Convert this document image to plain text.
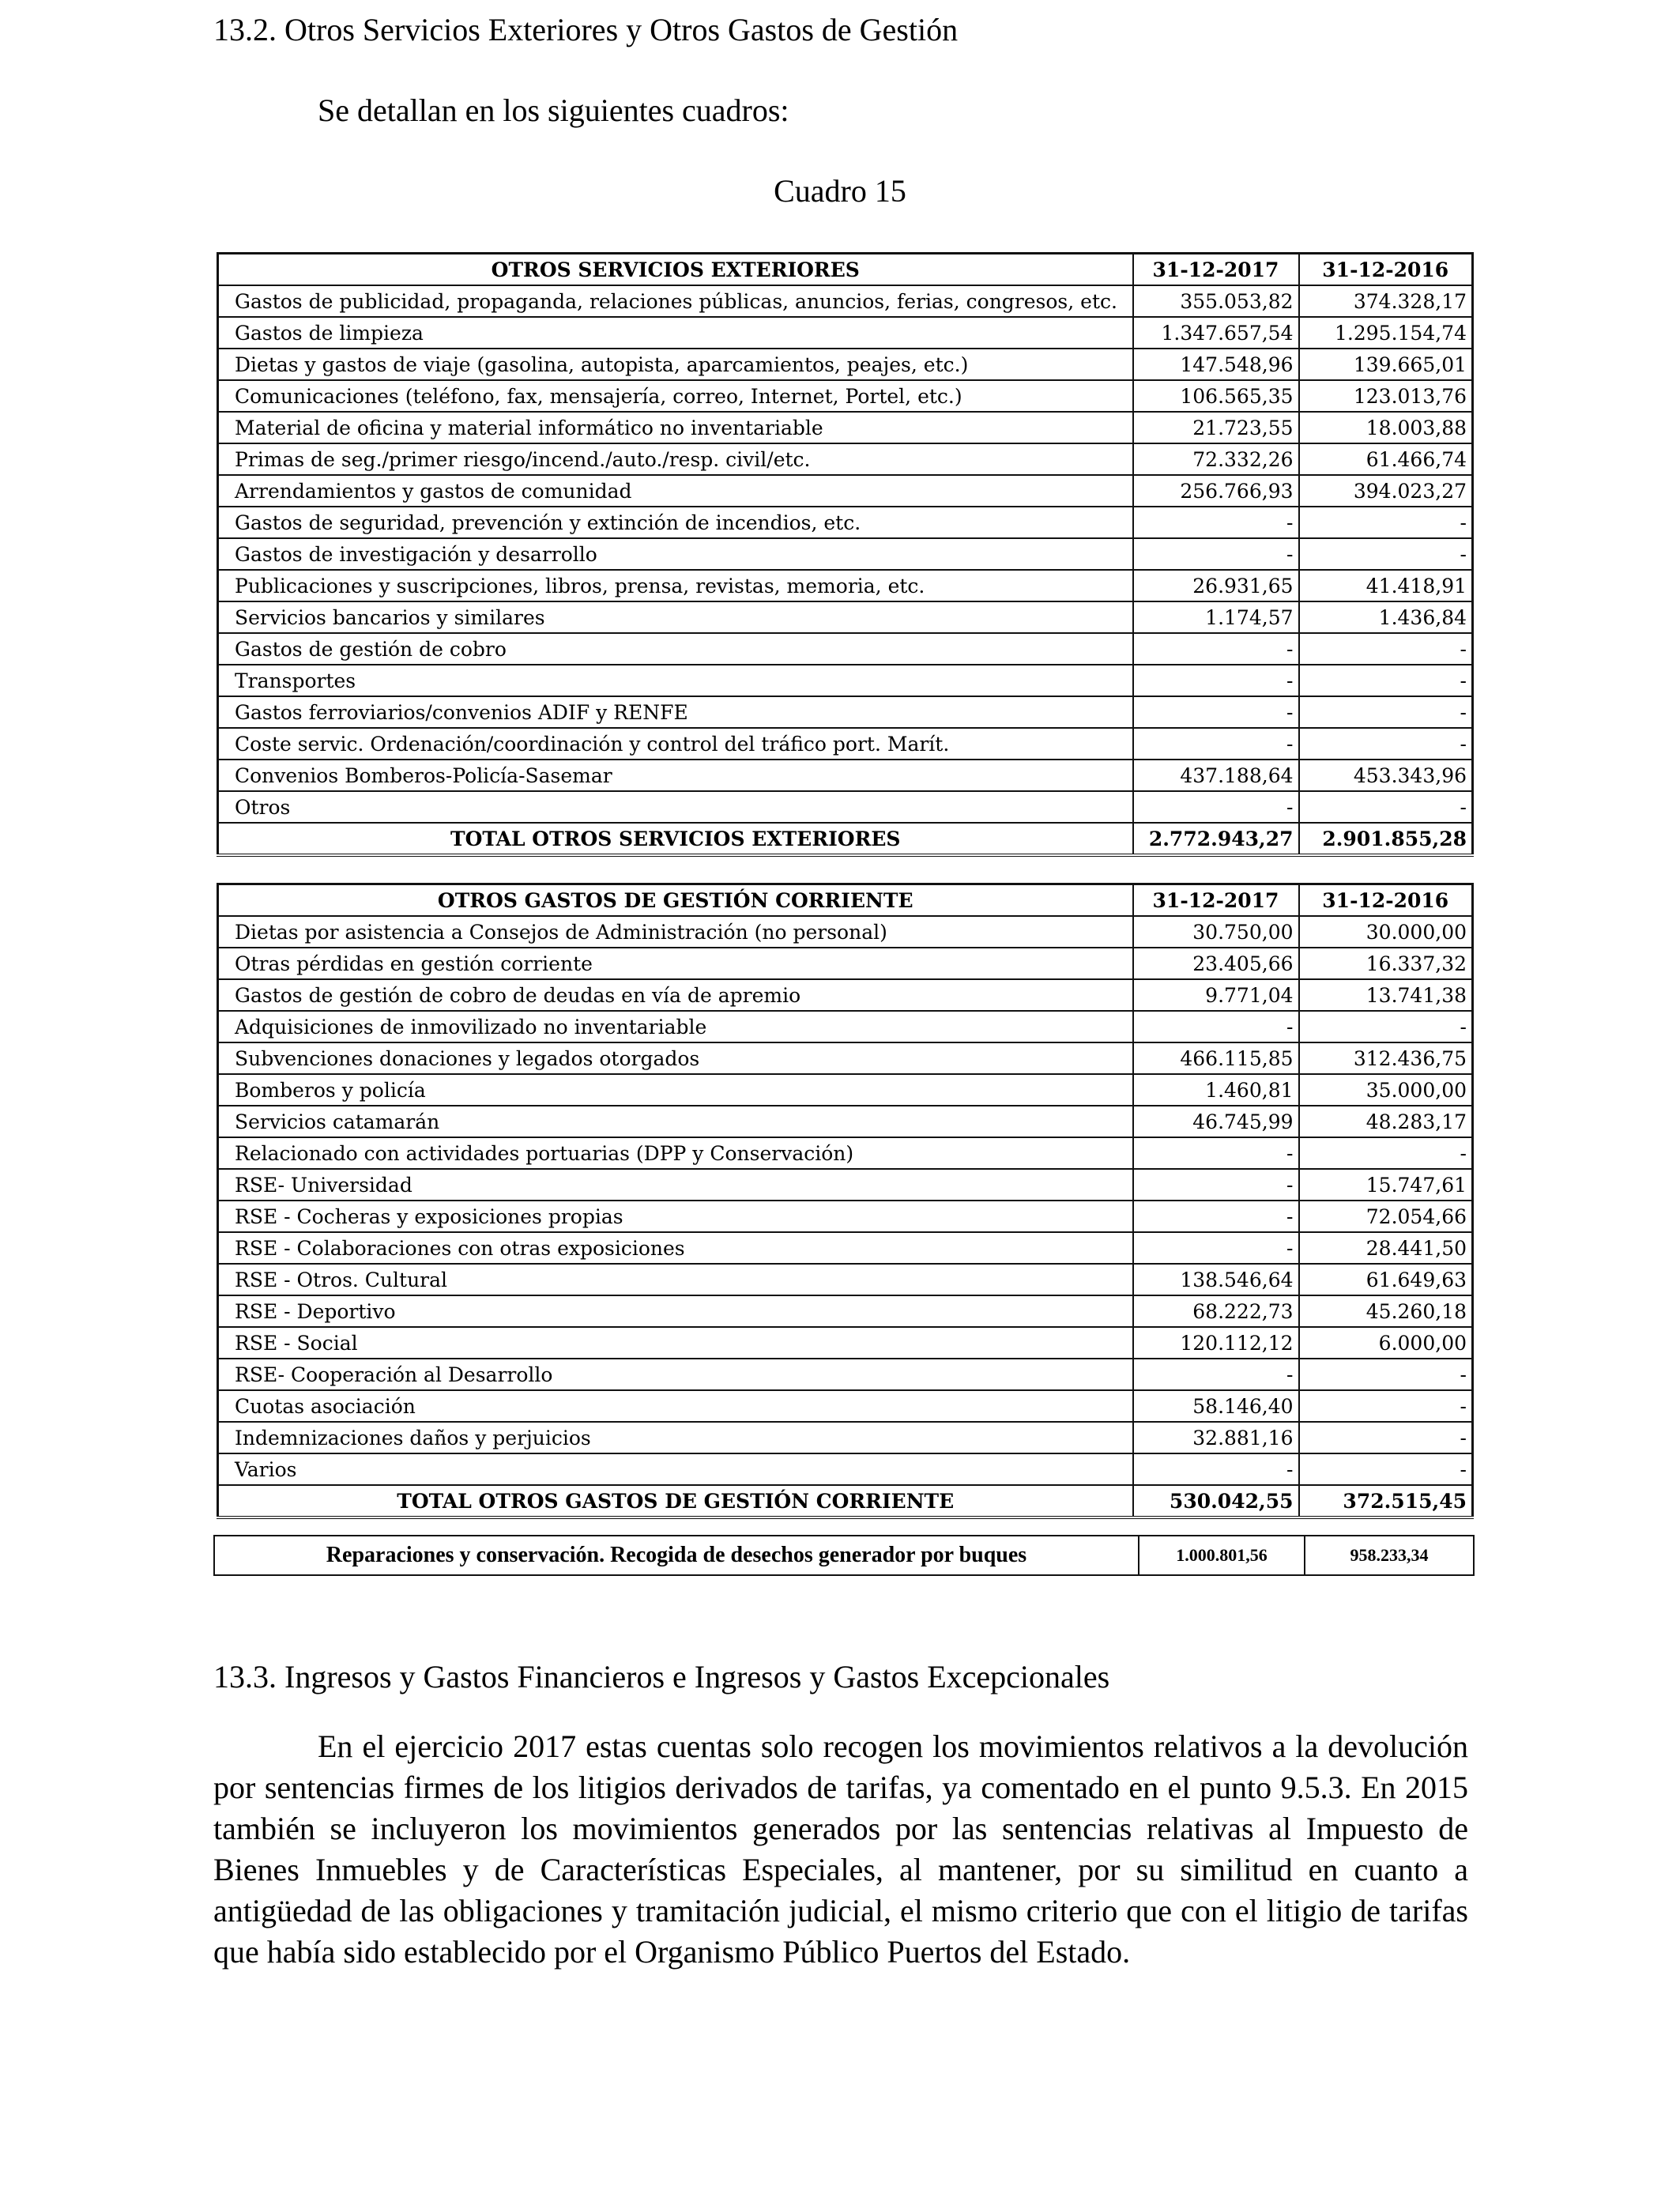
13.2. Otros Servicios Exteriores y Otros Gastos de Gestión
Se detallan en los siguientes cuadros:
Cuadro 15
OTROS SERVICIOS EXTERIORES	31-12-2017	31-12-2016
Gastos de publicidad, propaganda, relaciones públicas, anuncios, ferias, congresos, etc.	355.053,82	374.328,17
Gastos de limpieza	1.347.657,54	1.295.154,74
Dietas y gastos de viaje (gasolina, autopista, aparcamientos, peajes, etc.)	147.548,96	139.665,01
Comunicaciones (teléfono, fax, mensajería, correo, Internet, Portel, etc.)	106.565,35	123.013,76
Material de oficina y material informático no inventariable	21.723,55	18.003,88
Primas de seg./primer riesgo/incend./auto./resp. civil/etc.	72.332,26	61.466,74
Arrendamientos y gastos de comunidad	256.766,93	394.023,27
Gastos de seguridad, prevención y extinción de incendios, etc.	-	-
Gastos de investigación y desarrollo	-	-
Publicaciones y suscripciones, libros, prensa, revistas, memoria, etc.	26.931,65	41.418,91
Servicios bancarios y similares	1.174,57	1.436,84
Gastos de gestión de cobro	-	-
Transportes	-	-
Gastos ferroviarios/convenios ADIF y RENFE	-	-
Coste servic. Ordenación/coordinación y control del tráfico port. Marít.	-	-
Convenios Bomberos-Policía-Sasemar	437.188,64	453.343,96
Otros	-	-
TOTAL OTROS SERVICIOS EXTERIORES	2.772.943,27	2.901.855,28
OTROS GASTOS DE GESTIÓN CORRIENTE	31-12-2017	31-12-2016
Dietas por asistencia a Consejos de Administración (no personal)	30.750,00	30.000,00
Otras pérdidas en gestión corriente	23.405,66	16.337,32
Gastos de gestión de cobro de deudas en vía de apremio	9.771,04	13.741,38
Adquisiciones de inmovilizado no inventariable	-	-
Subvenciones donaciones y legados otorgados	466.115,85	312.436,75
Bomberos y policía	1.460,81	35.000,00
Servicios catamarán	46.745,99	48.283,17
Relacionado con actividades portuarias (DPP y Conservación)	-	-
RSE- Universidad	-	15.747,61
RSE - Cocheras y exposiciones propias	-	72.054,66
RSE - Colaboraciones con otras exposiciones	-	28.441,50
RSE - Otros. Cultural	138.546,64	61.649,63
RSE - Deportivo	68.222,73	45.260,18
RSE - Social	120.112,12	6.000,00
RSE- Cooperación al Desarrollo	-	-
Cuotas asociación	58.146,40	-
Indemnizaciones daños y perjuicios	32.881,16	-
Varios	-	-
TOTAL OTROS GASTOS DE GESTIÓN CORRIENTE	530.042,55	372.515,45
Reparaciones y conservación. Recogida de desechos generador por buques	1.000.801,56	958.233,34
13.3. Ingresos y Gastos Financieros e Ingresos y Gastos Excepcionales

En el ejercicio 2017 estas cuentas solo recogen los movimientos relativos a la devolución por sentencias firmes de los litigios derivados de tarifas, ya comentado en el punto 9.5.3. En 2015 también se incluyeron los movimientos generados por las sentencias relativas al Impuesto de Bienes Inmuebles y de Características Especiales, al mantener, por su similitud en cuanto a antigüedad de las obligaciones y tramitación judicial, el mismo criterio que con el litigio de tarifas que había sido establecido por el Organismo Público Puertos del Estado.
